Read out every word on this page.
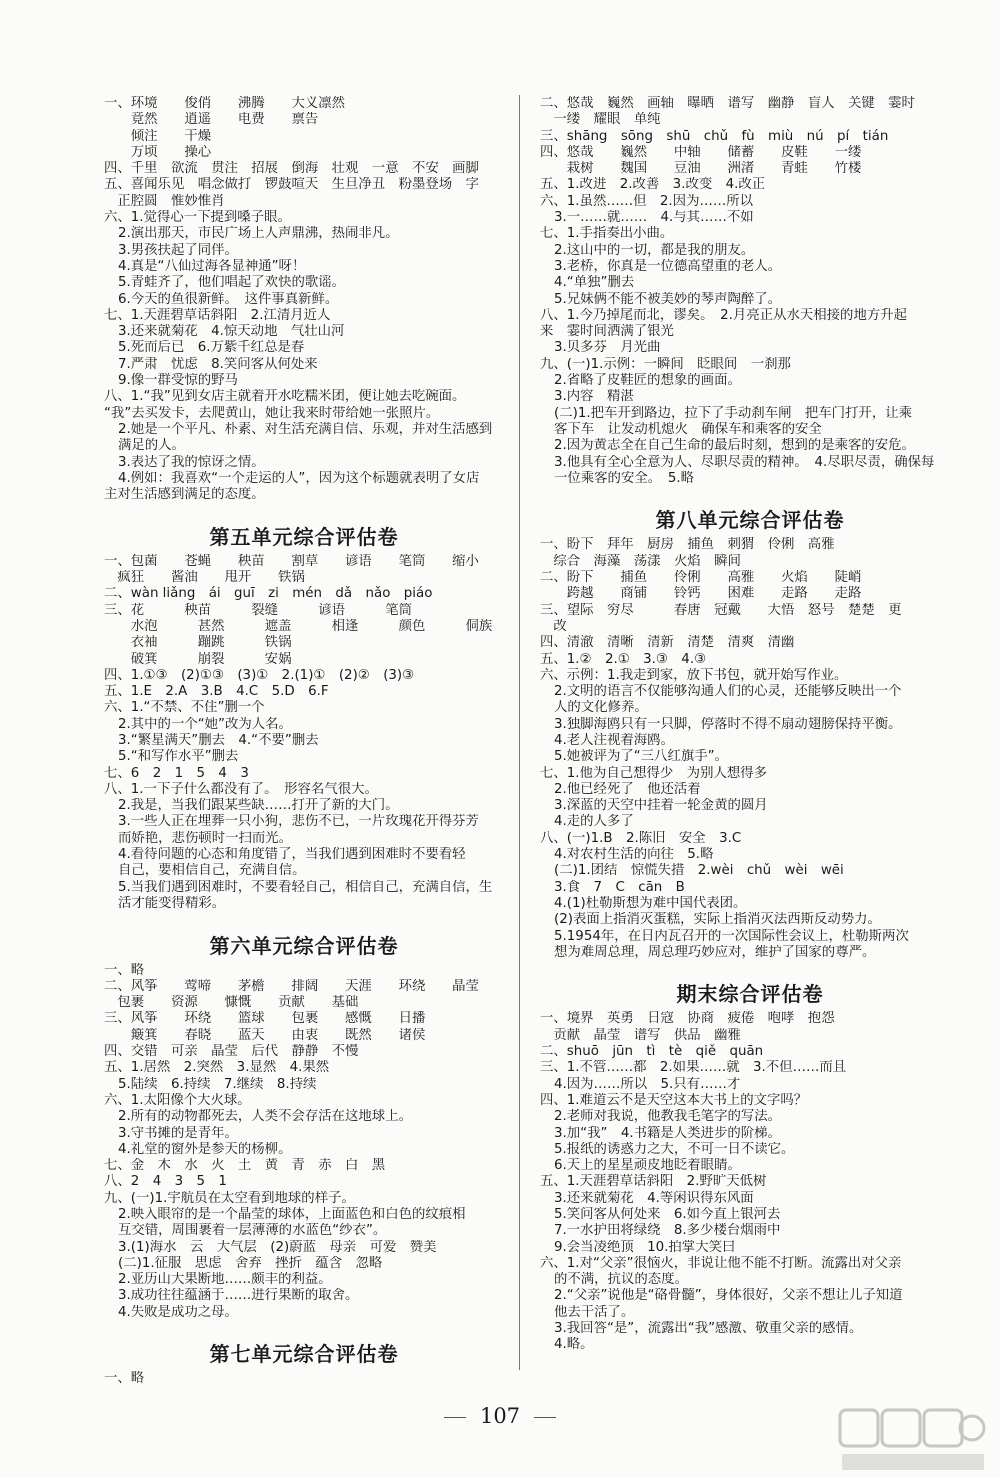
一、环境　　俊俏　　沸腾　　大义凛然
　　竟然　　逍遥　　电费　　禀告
　　倾注　　干燥
　　万顷　　操心
四、千里　欲流　贯注　招展　倒海　壮观　一意　不安　画脚
五、喜闻乐见　唱念做打　锣鼓喧天　生旦净丑　粉墨登场　字
　正腔圆　惟妙惟肖
六、1.觉得心一下提到嗓子眼。
2.演出那天，市民广场上人声鼎沸，热闹非凡。
3.男孩扶起了同伴。
4.真是“八仙过海各显神通”呀！
5.青蛙齐了，他们唱起了欢快的歌谣。
6.今天的鱼很新鲜。　这件事真新鲜。
七、1.天涯碧草话斜阳　2.江清月近人
3.还来就菊花　4.惊天动地　气壮山河
5.死而后已　6.万紫千红总是春
7.严肃　忧虑　8.笑问客从何处来
9.像一群受惊的野马
八、1.“我”见到女店主就着开水吃糯米团，便让她去吃碗面。
“我”去买发卡，去爬黄山，她让我来时带给她一张照片。
2.她是一个平凡、朴素、对生活充满自信、乐观，并对生活感到
满足的人。
3.表达了我的惊讶之情。
4.例如：我喜欢“一个走运的人”，因为这个标题就表明了女店
主对生活感到满足的态度。
第五单元综合评估卷
一、包菌　　苍蝇　　秧苗　　割草　　谚语　　笔筒　　缩小
　疯狂　　酱油　　甩开　　铁锅
二、wàn liǎng　ái　guī　zi　mén　dǎ　nǎo　piáo
三、花　　　秧苗　　　裂缝　　　谚语　　　笔筒
　　水泡　　　甚然　　　遮盖　　　相逢　　　颜色　　　侗族
　　衣袖　　　蹦跳　　　铁锅
　　破箕　　　崩裂　　　安娲
四、1.①③　(2)①③　(3)①　2.(1)①　(2)②　(3)③
五、1.E　2.A　3.B　4.C　5.D　6.F
六、1.“不禁、不住”删一个
2.其中的一个“她”改为人名。
3.“繁星满天”删去　4.“不要”删去
5.“和写作水平”删去
七、6　2　1　5　4　3
八、1.一下子什么都没有了。　形容名气很大。
2.我是，当我们跟某些缺……打开了新的大门。
3.一些人正在埋葬一只小狗，悲伤不已，一片玫瑰花开得芬芳
而娇艳，悲伤顿时一扫而光。
4.看待问题的心态和角度错了，当我们遇到困难时不要看轻
自己，要相信自己，充满自信。
5.当我们遇到困难时，不要看轻自己，相信自己，充满自信，生
活才能变得精彩。
第六单元综合评估卷
一、略
二、风筝　　莺啼　　茅檐　　排阔　　天涯　　环绕　　晶莹
　包裹　　资源　　慷慨　　贡献　　基础
三、风筝　　环绕　　篮球　　包裹　　感慨　　日播
　　簸箕　　春晓　　蓝天　　由衷　　既然　　诸侯
四、交错　可亲　晶莹　后代　静静　不慢
五、1.居然　2.突然　3.显然　4.果然
5.陆续　6.持续　7.继续　8.持续
六、1.太阳像个大火球。
2.所有的动物都死去，人类不会存活在这地球上。
3.守书摊的是青年。
4.礼堂的窗外是参天的杨柳。
七、金　木　水　火　土　黄　青　赤　白　黑
八、2　4　3　5　1
九、(一)1.宇航员在太空看到地球的样子。
2.映入眼帘的是一个晶莹的球体，上面蓝色和白色的纹痕相
互交错，周围裹着一层薄薄的水蓝色“纱衣”。
3.(1)海水　云　大气层　(2)蔚蓝　母亲　可爱　赞美
(二)1.征服　思虑　舍弃　挫折　蕴含　忽略
2.亚历山大果断地……颇丰的利益。
3.成功往往蕴涵于……进行果断的取舍。
4.失败是成功之母。
第七单元综合评估卷
一、略
二、悠哉　巍然　画轴　曝晒　谱写　幽静　盲人　关键　霎时
　一缕　耀眼　单纯
三、shāng　sōng　shū　chǔ　fù　miù　nú　pí　tián
四、悠哉　　巍然　　中轴　　储蓄　　皮鞋　　一缕
　　栽树　　魏国　　豆油　　洲渚　　青蛙　　竹楼
五、1.改进　2.改善　3.改变　4.改正
六、1.虽然……但　2.因为……所以
3.一……就……　4.与其……不如
七、1.手指奏出小曲。
2.这山中的一切，都是我的朋友。
3.老桥，你真是一位德高望重的老人。
4.“单独”删去
5.兄妹俩不能不被美妙的琴声陶醉了。
八、1.今乃掉尾而北，谬矣。　2.月亮正从水天相接的地方升起
来　霎时间洒满了银光
3.贝多芬　月光曲
九、(一)1.示例：一瞬间　眨眼间　一刹那
2.省略了皮鞋匠的想象的画面。
3.内容　精湛
(二)1.把车开到路边，拉下了手动刹车闸　把车门打开，让乘
客下车　让发动机熄火　确保车和乘客的安全
2.因为黄志全在自己生命的最后时刻，想到的是乘客的安危。
3.他具有全心全意为人、尽职尽责的精神。　4.尽职尽责，确保每
一位乘客的安全。　5.略
第八单元综合评估卷
一、盼下　拜年　厨房　捕鱼　刺猬　伶俐　高雅
　综合　海藻　荡漾　火焰　瞬间
二、盼下　　捕鱼　　伶俐　　高雅　　火焰　　陡峭
　　跨越　　商铺　　铃钙　　困难　　走路　　走路
三、望际　穷尽　　　春唐　冠戴　　大悟　怒号　楚楚　更
　改
四、清澈　清晰　清新　清楚　清爽　清幽
五、1.②　2.①　3.③　4.③
六、示例：1.我走到家，放下书包，就开始写作业。
2.文明的语言不仅能够沟通人们的心灵，还能够反映出一个
人的文化修养。
3.独脚海鸥只有一只脚，停落时不得不扇动翅膀保持平衡。
4.老人注视着海鸥。
5.她被评为了“三八红旗手”。
七、1.他为自己想得少　为别人想得多
2.他已经死了　他还活着
3.深蓝的天空中挂着一轮金黄的圆月
4.走的人多了
八、(一)1.B　2.陈旧　安全　3.C
4.对农村生活的向往　5.略
(二)1.团结　惊慌失措　2.wèi　chǔ　wèi　wēi
3.食　7　C　cān　B
4.(1)杜勒斯想为难中国代表团。
(2)表面上指消灭蛋糕，实际上指消灭法西斯反动势力。
5.1954年，在日内瓦召开的一次国际性会议上，杜勒斯两次
想为难周总理，周总理巧妙应对，维护了国家的尊严。
期末综合评估卷
一、境界　英勇　日寇　协商　疲倦　咆哮　抱怨
　贡献　晶莹　谱写　供品　幽雅
二、shuō　jūn　tì　tè　qiě　quān
三、1.不管……都　2.如果……就　3.不但……而且
4.因为……所以　5.只有……才
四、1.难道云不是天空这本大书上的文字吗？
2.老师对我说，他教我毛笔字的写法。
3.加“我”　4.书籍是人类进步的阶梯。
5.报纸的诱惑力之大，不可一日不读它。
6.天上的星星顽皮地眨着眼睛。
五、1.天涯碧草话斜阳　2.野旷天低树
3.还来就菊花　4.等闲识得东风面
5.笑问客从何处来　6.如今直上银河去
7.一水护田将绿绕　8.多少楼台烟雨中
9.会当凌绝顶　10.拍掌大笑曰
六、1.对“父亲”很恼火，非说让他不能不打断。流露出对父亲
的不满，抗议的态度。
2.“父亲”说他是“硌骨髓”，身体很好，父亲不想让儿子知道
他去干活了。
3.我回答“是”，流露出“我”感激、敬重父亲的感情。
4.略。
107
